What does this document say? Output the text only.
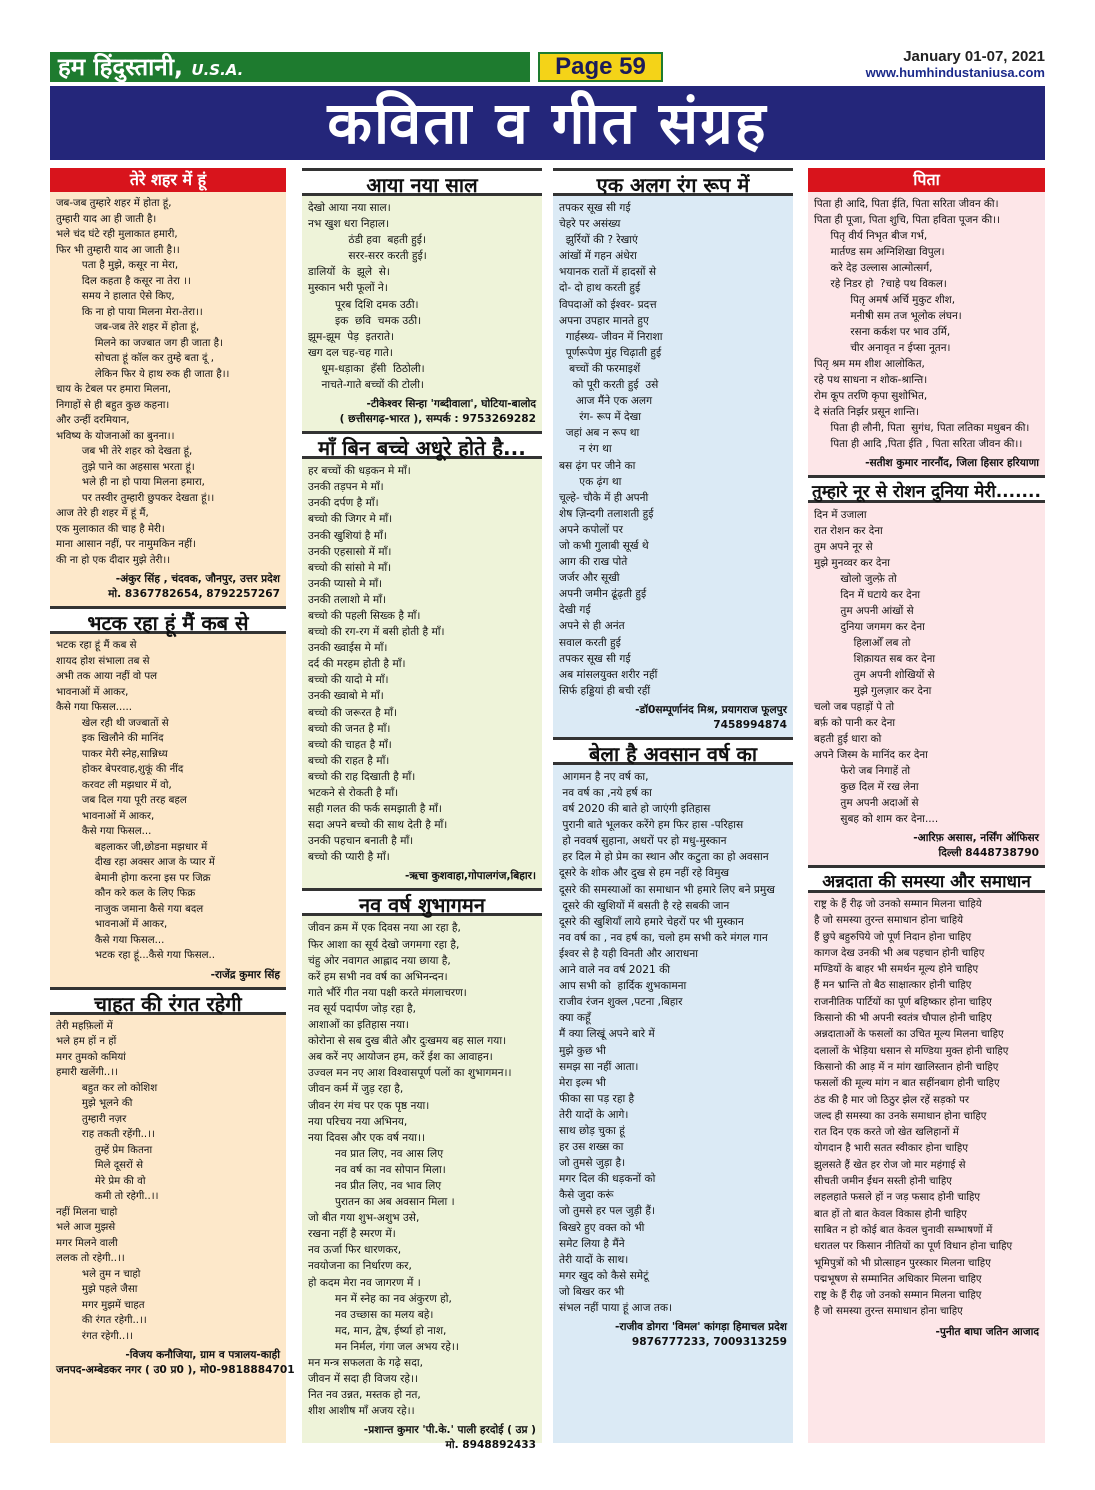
हम हिंदुस्तानी, U.S.A.	Page 59	January 01-07, 2021
www.humhindustaniusa.com
कविता व गीत संग्रह
तेरे शहर में हूं
जब-जब तुम्हारे शहर में होता हूं,
तुम्हारी याद आ ही जाती है।
भले चंद घंटे रही मुलाकात हमारी,
फिर भी तुम्हारी याद आ जाती है।।
पता है मुझे, कसूर ना मेरा,
दिल कहता है कसूर ना तेरा ।।
समय ने हालात ऐसे किए,
कि ना हो पाया मिलना मेरा-तेरा।।
जब-जब तेरे शहर में होता हूं,
मिलने का जज्बात जग ही जाता है।
सोचता हूं कॉल कर तुम्हे बता दूं ,
लेकिन फिर ये हाथ रुक ही जाता है।।
चाय के टेबल पर हमारा मिलना,
निगाहों से ही बहुत कुछ कहना।
और उन्हीं दरमियान,
भविष्य के योजनाओं का बुनना।।
जब भी तेरे शहर को देखता हूं,
तुझे पाने का अहसास भरता हूं।
भले ही ना हो पाया मिलना हमारा,
पर तस्वीर तुम्हारी छुपकर देखता हूं।।
आज तेरे ही शहर में हूं मैं,
एक मुलाकात की चाह है मेरी।
माना आसान नहीं, पर नामुमकिन नहीं।
की ना हो एक दीदार मुझे तेरी।।
-अंकुर सिंह , चंदवक, जौनपुर, उत्तर प्रदेश
मो. 8367782654, 8792257267
भटक रहा हूं मैं कब से
भटक रहा हूं मैं कब से
शायद होश संभाला तब से
अभी तक आया नहीं वो पल
भावनाओं में आकर,
कैसे गया फिसल.....
खेल रही थी जज्बातों से
इक खिलौने की मानिंद
पाकर मेरी स्नेह,सान्निध्य
होकर बेपरवाह,शुकूं की नींद
करवट ली मझधार में वो,
जब दिल गया पूरी तरह बहल
भावनाओं में आकर,
कैसे गया फिसल...
बहलाकर जी,छोडना मझधार में
दीख रहा अक्सर आज के प्यार में
बेमानी होगा करना इस पर जिक्र
कौन करे कल के लिए फिक्र
नाजुक जमाना कैसे गया बदल
भावनाओं में आकर,
कैसे गया फिसल...
भटक रहा हूं...कैसे गया फिसल..
-राजेंद्र कुमार सिंह
चाहत की रंगत रहेगी
तेरी महफ़िलों में
भले हम हों न हों
मगर तुमको कमियां
हमारी खलेंगी..।।
बहुत कर लो कोशिश
मुझे भूलने की
तुम्हारी नज़र
राह तकती रहेंगी..।।
तुम्हें प्रेम कितना
मिले दूसरों से
मेरे प्रेम की वो
कमी तो रहेगी..।।
नहीं मिलना चाहो
भले आज मुझसे
मगर मिलने वाली
ललक तो रहेगी..।।
भले तुम न चाहो
मुझे पहले जैसा
मगर मुझमें चाहत
की रंगत रहेगी..।।
रंगत रहेगी..।।
-विजय कनौजिया, ग्राम व पत्रालय-काही
जनपद-अम्बेडकर नगर ( उ0 प्र0 ), मो0-9818884701
आया नया साल
देखो आया नया साल।
नभ खुश धरा निहाल।
ठंडी हवा  बहती हुई।
सरर-सरर करती हुई।
डालियों  के  झूले  से।
मुस्कान भरी फूलों ने।
पूरब दिशि दमक उठी।
इक  छवि  चमक उठी।
झूम-झूम  पेड़  इतराते।
खग दल चह-चह गाते।
धूम-धड़ाका  हँसी  ठिठोली।
नाचते-गाते बच्चों की टोली।
-टीकेश्वर सिन्हा 'गब्दीवाला', घोटिया-बालोद
( छत्तीसगढ़-भारत ), सम्पर्क : 9753269282
माँ बिन बच्चे अधूरे होते है...
हर बच्चों की धड़कन मे माँ।
उनकी तड़पन मे माँ।
उनकी दर्पण है माँ।
बच्चो की जिगर मे माँ।
उनकी खुशियां है माँ।
उनकी एहसासो में माँ।
बच्चो की सांसो मे माँ।
उनकी प्यासो मे माँ।
उनकी तलाशो मे माँ।
बच्चो की पहली सिख्क है माँ।
बच्चो की रग-रग में बसी होती है माँ।
उनकी ख्वाईस मे माँ।
दर्द की मरहम होती है माँ।
बच्चो की यादो मे माँ।
उनकी ख्वाबो मे माँ।
बच्चो की जरूरत है माँ।
बच्चो की जनत है माँ।
बच्चो की चाहत है माँ।
बच्चो की राहत है माँ।
बच्चो की राह दिखाती है माँ।
भटकने से रोकती है माँ।
सही गलत की फर्क समझाती है माँ।
सदा अपने बच्चो की साथ देती है माँ।
उनकी पहचान बनाती है माँ।
बच्चो की प्यारी है माँ।
-ऋचा कुशवाहा,गोपालगंज,बिहार।
नव वर्ष शुभागमन
जीवन क्रम में एक दिवस नया आ रहा है,
फिर आशा का सूर्य देखो जगमगा रहा है,
चंहु ओर नवागत आह्लाद नया छाया है,
करें हम सभी नव वर्ष का अभिनन्दन।
गाते भौंरें गीत नया पक्षी करते मंगलाचरण।
नव सूर्य पदार्पण जोड़ रहा है,
आशाओं का इतिहास नया।
कोरोना से सब दुख बीते और दुःखमय बह साल गया।
अब करें नए आयोजन हम, करें ईश का आवाहन।
उज्वल मन नए आश विश्वासपूर्ण पलों का शुभागमन।।
जीवन कर्म में जुड़ रहा है,
जीवन रंग मंच पर एक पृष्ठ नया।
नया परिचय नया अभिनय,
नया दिवस और एक वर्ष नया।।
नव प्रात लिए, नव आस लिए
नव वर्ष का नव सोपान मिला।
नव प्रीत लिए, नव भाव लिए
पुरातन का अब अवसान मिला ।
जो बीत गया शुभ-अशुभ उसे,
रखना नहीं है स्मरण में।
नव ऊर्जा फिर धारणकर,
नवयोजना का निर्धारण कर,
हो कदम मेरा नव जागरण में ।
मन में स्नेह का नव अंकुरण हो,
नव उच्छास का मलय बहे।
मद, मान, द्वेष, ईर्ष्या हो नाश,
मन निर्मल, गंगा जल अभय रहे।।
मन मन्त्र सफलता के गढ़े सदा,
जीवन में सदा ही विजय रहे।।
नित नव उन्नत, मस्तक हो नत,
शीश आशीष माँ अजय रहे।।
-प्रशान्त कुमार 'पी.के.' पाली हरदोई ( उप्र )
मो. 8948892433
एक अलग रंग रूप में
तपकर सूख सी गई
चेहरे पर असंख्य
झुर्रियों की ? रेखाएं
आंखों में गहन अंधेरा
भयानक रातों में हादसों से
दो- दो हाथ करती हुई
विपदाओं को ईश्वर- प्रदत्त
अपना उपहार मानते हुए
गार्हस्थ्य- जीवन में निराशा
पूर्णरूपेण मुंह चिढ़ाती हुई
बच्चों की फरमाइशें
को पूरी करती हुई  उसे
आज मैंने एक अलग
रंग- रूप में देखा
जहां अब न रूप था
न रंग था
बस ढ़ंग पर जीने का
एक ढ़ंग था
चूल्हे- चौके में ही अपनी
शेष ज़िन्दगी तलाशती हुई
अपने कपोलों पर
जो कभी गुलाबी सूर्ख थे
आग की राख पोते
जर्जर और सूखी
अपनी जमीन ढूंढ़ती हुई
देखी गई
अपने से ही अनंत
सवाल करती हुई
तपकर सूख सी गई
अब मांसलयुक्त शरीर नहीं
सिर्फ हड्डियां ही बची रहीं
-डॉ0सम्पूर्णानंद मिश्र, प्रयागराज फूलपुर
7458994874
बेला है अवसान वर्ष का
आगमन है नए वर्ष का,
नव वर्ष का ,नये हर्ष का
वर्ष 2020 की बाते हो जाएंगी इतिहास
पुरानी बाते भूलकर करेंगे हम फिर हास -परिहास
हो नववर्ष सुहाना, अधरों पर हो मधु-मुस्कान
हर दिल मे हो प्रेम का स्थान और कटुता का हो अवसान
दूसरे के शोक और दुख से हम नहीं रहे विमुख
दूसरे की समस्याओं का समाधान भी हमारे लिए बने प्रमुख
दूसरे की खुशियों में बसती है रहे सबकी जान
दूसरे की खुशियाँ लाये हमारे चेहरों पर भी मुस्कान
नव वर्ष का , नव हर्ष का, चलो हम सभी करे मंगल गान
ईश्वर से है यही विनती और आराधना
आने वाले नव वर्ष 2021 की
आप सभी को  हार्दिक शुभकामना
राजीव रंजन शुक्ल ,पटना ,बिहार
क्या कहूँ
मैं क्या लिखूं अपने बारे में
मुझे कुछ भी
समझ सा नहीं आता।
मेरा इल्म भी
फीका सा पड़ रहा है
तेरी यादों के आगे।
साथ छोड़ चुका हूं
हर उस शख्स का
जो तुमसे जुड़ा है।
मगर दिल की धड़कनों को
कैसे जुदा करूं
जो तुमसे हर पल जुड़ी हैं।
बिखरे हुए वक्त को भी
समेट लिया है मैंने
तेरी यादों के साथ।
मगर खुद को कैसे समेटूं
जो बिखर कर भी
संभल नहीं पाया हूं आज तक।
-राजीव डोगरा 'विमल' कांगड़ा हिमाचल प्रदेश
9876777233, 7009313259
पिता
पिता ही आदि, पिता ईति, पिता सरिता जीवन की।
पिता ही पूजा, पिता शुचि, पिता हविता पूजन की।।
पितृ वीर्य निभृत बीज गर्भ,
मार्तण्ड सम अग्निशिखा विपुल।
करे देह उल्लास आत्मोत्सर्ग,
रहे निडर हो  ?चाहे पथ विकल।
पितृ अमर्ष अर्चि मुकुट शीश,
मनीषी सम तज भूलोक लंघन।
रसना कर्कश पर भाव उर्मि,
चीर अनावृत न ईप्सा नूतन।
पितृ श्रम मम शीश आलोकित,
रहे पथ साधना न शोक-श्रान्ति।
रोम कूप तरणि कृपा सुशोभित,
दे संतति निर्झर प्रसून शान्ति।
पिता ही लौनी, पिता  सुगंध, पिता लतिका मधुबन की।
पिता ही आदि ,पिता ईति , पिता सरिता जीवन की।।
-सतीश कुमार नारनौंद, जिला हिसार हरियाणा
तुम्हारे नूर से रोशन दुनिया मेरी.......
दिन में उजाला
रात रोशन कर देना
तुम अपने नूर से
मुझे मुनव्वर कर देना
खोलो जुल्फ़े तो
दिन में घटाये कर देना
तुम अपनी आंखों से
दुनिया जगमग कर देना
हिलाओँ लब तो
शिक़ायत सब कर देना
तुम अपनी शोखियों से
मुझे गुलज़ार कर देना
चलो जब पहाड़ों पे तो
बर्फ़ को पानी कर देना
बहती हुई धारा को
अपने जिस्म के मानिंद कर देना
फेरो जब निगाहें तो
कुछ दिल में रख लेना
तुम अपनी अदाओं से
सुबह को शाम कर देना....
-आरिफ़ असास, नर्सिंग ऑफिसर
दिल्ली 8448738790
अन्नदाता की समस्या और समाधान
राष्ट्र के हैं रीढ़ जो उनको सम्मान मिलना चाहिये
है जो समस्या तुरन्त समाधान होना चाहिये
हैं छुपे बहुरुपिये जो पूर्ण निदान होना चाहिए
कागज देख उनकी भी अब पहचान होनी चाहिए
मण्डियों के बाहर भी समर्थन मूल्य होने चाहिए
हैं मन भ्रान्ति तो बैठ साक्षात्कार होनी चाहिए
राजनीतिक पार्टियों का पूर्ण बहिष्कार होना चाहिए
किसानो की भी अपनी स्वतंत्र चौपाल होनी चाहिए
अन्नदाताओं के फसलों का उचित मूल्य मिलना चाहिए
दलालों के भेड़िया धसान से मण्डिया मुक्त होनी चाहिए
किसानो की आड़ में न मांग खालिस्तान होनी चाहिए
फसलों की मूल्य मांग न बात सहींनबाग होनी चाहिए
ठंड की है मार जो ठिठुर झेल रहें सड़को पर
जल्द ही समस्या का उनके समाधान होना चाहिए
रात दिन एक करते जो खेत खलिहानों में
योगदान है भारी सतत स्वीकार होना चाहिए
झुलसते हैं खेत हर रोज जो मार महंगाई से
सीचती जमीन ईंधन सस्ती होनी चाहिए
लहलहाते फसले हों न जड़ फसाद होनी चाहिए
बात हों तो बात केवल विकास होनी चाहिए
साबित न हो कोई बात केवल चुनावी सम्भाषणों में
धरातल पर किसान नीतियों का पूर्ण विधान होना चाहिए
भूमिपुत्रों को भी प्रोत्साहन पुरस्कार मिलना चाहिए
पद्मभूषण से सम्मानित अधिकार मिलना चाहिए
राष्ट्र के हैं रीढ़ जो उनको सम्मान मिलना चाहिए
है जो समस्या तुरन्त समाधान होना चाहिए
-पुनीत बाघा जतिन आजाद
